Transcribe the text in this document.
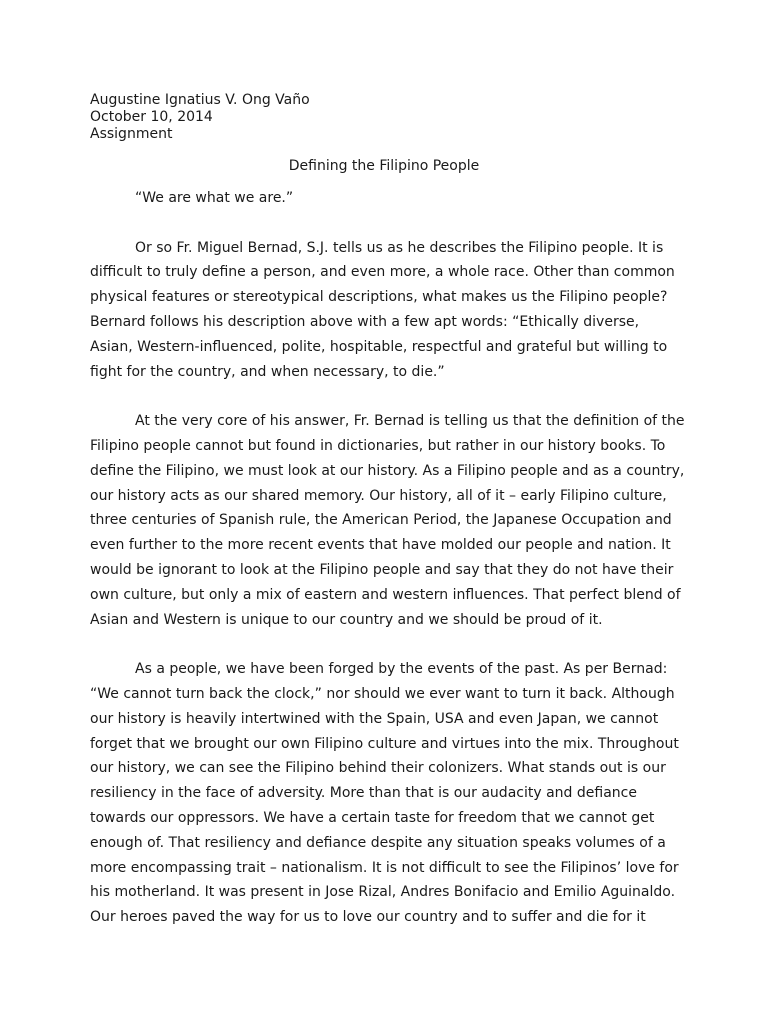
Augustine Ignatius V. Ong Vaño
October 10, 2014
Assignment
Defining the Filipino People

“We are what we are.”

Or so Fr. Miguel Bernad, S.J. tells us as he describes the Filipino people. It is
difficult to truly define a person, and even more, a whole race. Other than common
physical features or stereotypical descriptions, what makes us the Filipino people?
Bernard follows his description above with a few apt words: “Ethically diverse,
Asian, Western-influenced, polite, hospitable, respectful and grateful but willing to
fight for the country, and when necessary, to die.”

At the very core of his answer, Fr. Bernad is telling us that the definition of the
Filipino people cannot but found in dictionaries, but rather in our history books. To
define the Filipino, we must look at our history. As a Filipino people and as a country,
our history acts as our shared memory. Our history, all of it – early Filipino culture,
three centuries of Spanish rule, the American Period, the Japanese Occupation and
even further to the more recent events that have molded our people and nation. It
would be ignorant to look at the Filipino people and say that they do not have their
own culture, but only a mix of eastern and western influences. That perfect blend of
Asian and Western is unique to our country and we should be proud of it.

As a people, we have been forged by the events of the past. As per Bernad:
“We cannot turn back the clock,” nor should we ever want to turn it back. Although
our history is heavily intertwined with the Spain, USA and even Japan, we cannot
forget that we brought our own Filipino culture and virtues into the mix. Throughout
our history, we can see the Filipino behind their colonizers. What stands out is our
resiliency in the face of adversity. More than that is our audacity and defiance
towards our oppressors. We have a certain taste for freedom that we cannot get
enough of. That resiliency and defiance despite any situation speaks volumes of a
more encompassing trait – nationalism. It is not difficult to see the Filipinos’ love for
his motherland. It was present in Jose Rizal, Andres Bonifacio and Emilio Aguinaldo.
Our heroes paved the way for us to love our country and to suffer and die for it
